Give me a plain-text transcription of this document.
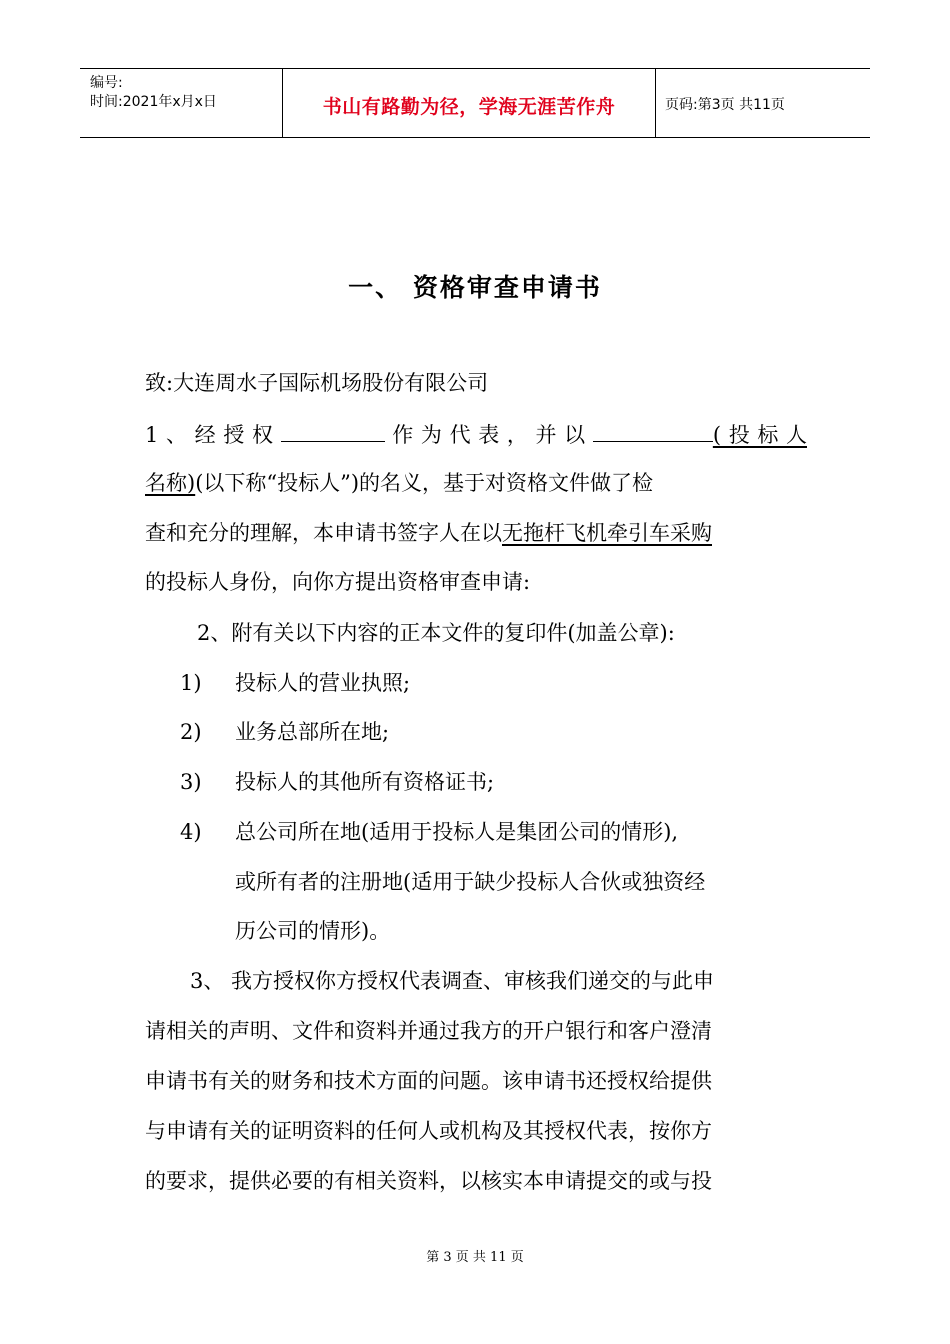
编号:
时间:2021年x月x日	书山有路勤为径，学海无涯苦作舟	页码:第3页 共11页
一、 资格审查申请书
致:大连周水子国际机场股份有限公司
1、经授权	作为代表，并以	(投标人
名称)(以下称“投标人”)的名义，基于对资格文件做了检
查和充分的理解，本申请书签字人在以无拖杆飞机牵引车采购
的投标人身份，向你方提出资格审查申请:
2、附有关以下内容的正本文件的复印件(加盖公章):
1) 投标人的营业执照;
2) 业务总部所在地;
3) 投标人的其他所有资格证书;
4) 总公司所在地(适用于投标人是集团公司的情形),
或所有者的注册地(适用于缺少投标人合伙或独资经
历公司的情形)。
3、 我方授权你方授权代表调查、审核我们递交的与此申
请相关的声明、文件和资料并通过我方的开户银行和客户澄清
申请书有关的财务和技术方面的问题。该申请书还授权给提供
与申请有关的证明资料的任何人或机构及其授权代表，按你方
的要求，提供必要的有相关资料，以核实本申请提交的或与投
第 3 页 共 11 页
